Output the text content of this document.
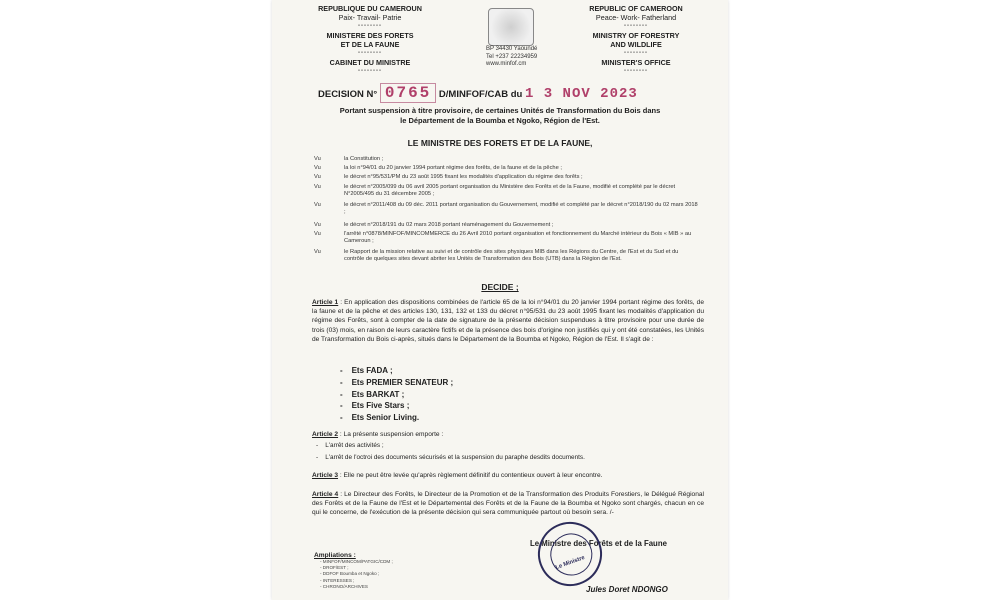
REPUBLIQUE DU CAMEROUN
Paix- Travail- Patrie
--------
MINISTERE DES FORETS
ET DE LA FAUNE
--------
CABINET DU MINISTRE
--------
BP 34430 Yaoundé
Tel +237 22234959
www.minfof.cm
REPUBLIC OF CAMEROON
Peace- Work- Fatherland
--------
MINISTRY OF FORESTRY
AND WILDLIFE
--------
MINISTER'S OFFICE
--------
DECISION N° 0765 D/MINFOF/CAB du 1 3 NOV 2023
Portant suspension à titre provisoire, de certaines Unités de Transformation du Bois dans
le Département de la Boumba et Ngoko, Région de l'Est.
LE MINISTRE DES FORETS ET DE LA FAUNE,
Vu	la Constitution ;
Vu	la loi n°94/01 du 20 janvier 1994 portant régime des forêts, de la faune et de la pêche ;
Vu	le décret n°95/531/PM du 23 août 1995 fixant les modalités d'application du régime des forêts ;
Vu	le décret n°2005/099 du 06 avril 2005 portant organisation du Ministère des Forêts et de la Faune, modifié et complété par le décret N°2005/495 du 31 décembre 2005 ;
Vu	le décret n°2011/408 du 09 déc. 2011 portant organisation du Gouvernement, modifié et complété par le décret n°2018/190 du 02 mars 2018 ;
Vu	le décret n°2018/191 du 02 mars 2018 portant réaménagement du Gouvernement ;
Vu	l'arrêté n°0878/MINFOF/MINCOMMERCE du 26 Avril 2010 portant organisation et fonctionnement du Marché intérieur du Bois « MIB » au Cameroun ;
Vu	le Rapport de la mission relative au suivi et de contrôle des sites physiques MIB dans les Régions du Centre, de l'Est et du Sud et du contrôle de quelques sites devant abriter les Unités de Transformation des Bois (UTB) dans la Région de l'Est.
DECIDE ;
Article 1 : En application des dispositions combinées de l'article 65 de la loi n°94/01 du 20 janvier 1994 portant régime des forêts, de la faune et de la pêche et des articles 130, 131, 132 et 133 du décret n°95/531 du 23 août 1995 fixant les modalités d'application du régime des Forêts, sont à compter de la date de signature de la présente décision suspendues à titre provisoire pour une durée de trois (03) mois, en raison de leurs caractère fictifs et de la présence des bois d'origine non justifiés qui y ont été constatées, les Unités de Transformation du Bois ci-après, situés dans le Département de la Boumba et Ngoko, Région de l'Est. Il s'agit de :
-    Ets FADA ;
-    Ets PREMIER SENATEUR ;
-    Ets BARKAT ;
-    Ets Five Stars ;
-    Ets Senior Living.
Article 2 : La présente suspension emporte :
-    L'arrêt des activités ;
-    L'arrêt de l'octroi des documents sécurisés et la suspension du paraphe desdits documents.
Article 3 : Elle ne peut être levée qu'après règlement définitif du contentieux ouvert à leur encontre.
Article 4 : Le Directeur des Forêts, le Directeur de la Promotion et de la Transformation des Produits Forestiers, le Délégué Régional des Forêts et de la Faune de l'Est et le Départemental des Forêts et de la Faune de la Boumba et Ngoko sont chargés, chacun en ce qui le concerne, de l'exécution de la présente décision qui sera communiquée partout où besoin sera. /-
Le Ministre des Forêts et de la Faune
Le Ministre
Jules Doret NDONGO
Ampliations :
- MINFOF/MINCOM/PATGIC/CDM ;
- DROF/EST ;
- DDFOF Boumba et Ngoko ;
- INTERESSES ;
- CHRONO/ARCHIVES
